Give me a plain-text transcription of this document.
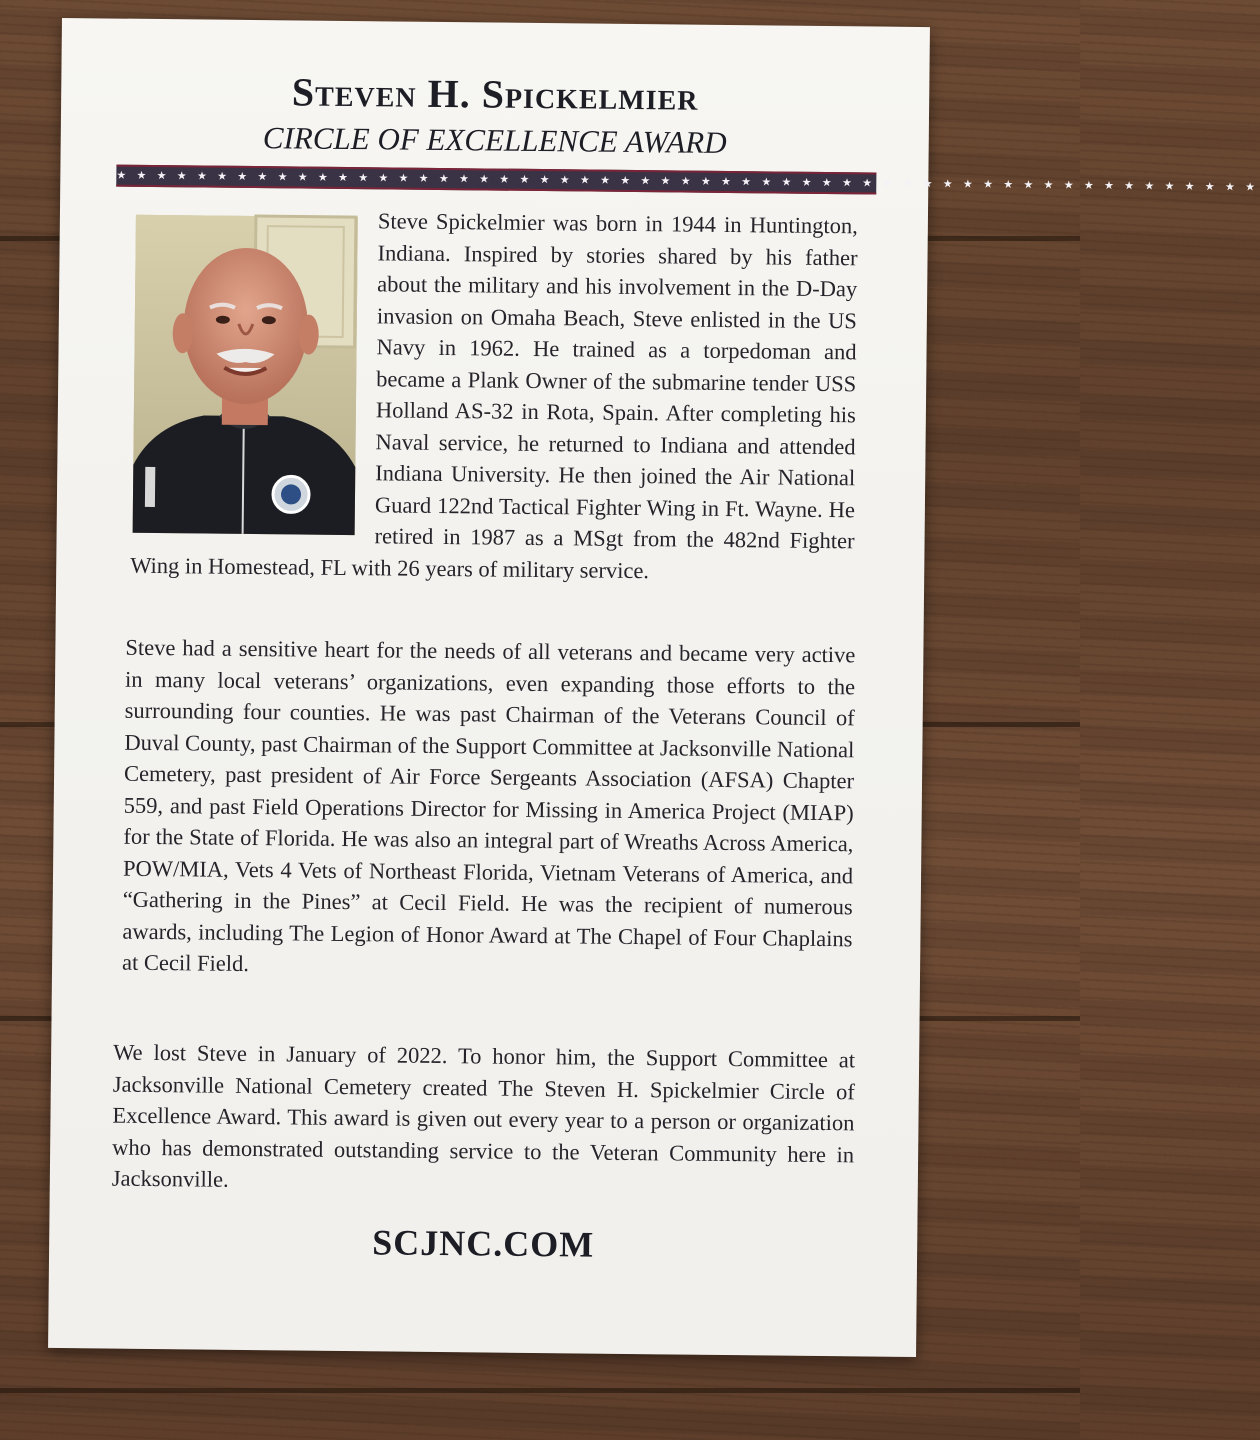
Steven H. Spickelmier
CIRCLE OF EXCELLENCE AWARD
★ ★ ★ ★ ★ ★ ★ ★ ★ ★ ★ ★ ★ ★ ★ ★ ★ ★ ★ ★ ★ ★ ★ ★ ★ ★ ★ ★ ★ ★ ★ ★ ★ ★ ★ ★ ★ ★ ★ ★ ★ ★ ★ ★ ★ ★ ★ ★ ★ ★ ★ ★ ★ ★ ★ ★ ★

Steve Spickelmier was born in 1944 in Huntington, Indiana. Inspired by stories shared by his father about the military and his involvement in the D-Day invasion on Omaha Beach, Steve enlisted in the US Navy in 1962. He trained as a torpedoman and became a Plank Owner of the submarine tender USS Holland AS-32 in Rota, Spain. After completing his Naval service, he returned to Indiana and attended Indiana University. He then joined the Air National Guard 122nd Tactical Fighter Wing in Ft. Wayne. He retired in 1987 as a MSgt from the 482nd Fighter Wing in Homestead, FL with 26 years of military service.

Steve had a sensitive heart for the needs of all veterans and became very active in many local veterans’ organizations, even expanding those efforts to the surrounding four counties. He was past Chairman of the Veterans Council of Duval County, past Chairman of the Support Committee at Jacksonville National Cemetery, past president of Air Force Sergeants Association (AFSA) Chapter 559, and past Field Operations Director for Missing in America Project (MIAP) for the State of Florida. He was also an integral part of Wreaths Across America, POW/MIA, Vets 4 Vets of Northeast Florida, Vietnam Veterans of America, and “Gathering in the Pines” at Cecil Field. He was the recipient of numerous awards, including The Legion of Honor Award at The Chapel of Four Chaplains at Cecil Field.

We lost Steve in January of 2022. To honor him, the Support Committee at Jacksonville National Cemetery created The Steven H. Spickelmier Circle of Excellence Award. This award is given out every year to a person or organization who has demonstrated outstanding service to the Veteran Community here in Jacksonville.

SCJNC.COM
